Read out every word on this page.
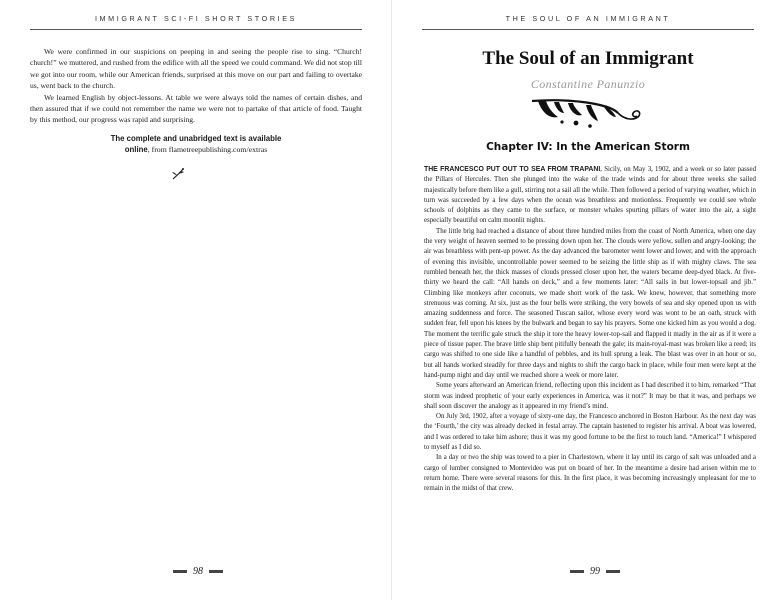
IMMIGRANT SCI-FI SHORT STORIES

We were confirmed in our suspicions on peeping in and seeing the people rise to sing. “Church! church!” we muttered, and rushed from the edifice with all the speed we could command. We did not stop till we got into our room, while our American friends, surprised at this move on our part and failing to overtake us, went back to the church.

We learned English by object-lessons. At table we were always told the names of certain dishes, and then assured that if we could not remember the name we were not to partake of that article of food. Taught by this method, our progress was rapid and surprising.

The complete and unabridged text is available
online, from flametreepublishing.com/extras
98
THE SOUL OF AN IMMIGRANT
The Soul of an Immigrant
Constantine Panunzio
Chapter IV: In the American Storm

THE FRANCESCO PUT OUT TO SEA FROM TRAPANI, Sicily, on May 3, 1902, and a week or so later passed the Pillars of Hercules. Then she plunged into the wake of the trade winds and for about three weeks she sailed majestically before them like a gull, stirring not a sail all the while. Then followed a period of varying weather, which in turn was succeeded by a few days when the ocean was breathless and motionless. Frequently we could see whole schools of dolphins as they came to the surface, or monster whales spurting pillars of water into the air, a sight especially beautiful on calm moonlit nights.

The little brig had reached a distance of about three hundred miles from the coast of North America, when one day the very weight of heaven seemed to be pressing down upon her. The clouds were yellow, sullen and angry-looking; the air was breathless with pent-up power. As the day advanced the barometer went lower and lower, and with the approach of evening this invisible, uncontrollable power seemed to be seizing the little ship as if with mighty claws. The sea rumbled beneath her, the thick masses of clouds pressed closer upon her, the waters became deep-dyed black. At five-thirty we heard the call: “All hands on deck,” and a few moments later: “All sails in but lower-topsail and jib.” Climbing like monkeys after coconuts, we made short work of the task. We knew, however, that something more strenuous was coming. At six, just as the four bells were striking, the very bowels of sea and sky opened upon us with amazing suddenness and force. The seasoned Tuscan sailor, whose every word was wont to be an oath, struck with sudden fear, fell upon his knees by the bulwark and began to say his prayers. Some one kicked him as you would a dog. The moment the terrific gale struck the ship it tore the heavy lower-top-sail and flapped it madly in the air as if it were a piece of tissue paper. The brave little ship bent pitifully beneath the gale; its main-royal-mast was broken like a reed; its cargo was shifted to one side like a handful of pebbles, and its hull sprung a leak. The blast was over in an hour or so, but all hands worked steadily for three days and nights to shift the cargo back in place, while four men were kept at the hand-pump night and day until we reached shore a week or more later.

Some years afterward an American friend, reflecting upon this incident as I had described it to him, remarked “That storm was indeed prophetic of your early experiences in America, was it not?” It may be that it was, and perhaps we shall soon discover the analogy as it appeared in my friend’s mind.

On July 3rd, 1902, after a voyage of sixty-one day, the Francesco anchored in Boston Harbour. As the next day was the ‘Fourth,’ the city was already decked in festal array. The captain hastened to register his arrival. A boat was lowered, and I was ordered to take him ashore; thus it was my good fortune to be the first to touch land. “America!” I whispered to myself as I did so.

In a day or two the ship was towed to a pier in Charlestown, where it lay until its cargo of salt was unloaded and a cargo of lumber consigned to Montevideo was put on board of her. In the meantime a desire had arisen within me to return home. There were several reasons for this. In the first place, it was becoming increasingly unpleasant for me to remain in the midst of that crew.

99
